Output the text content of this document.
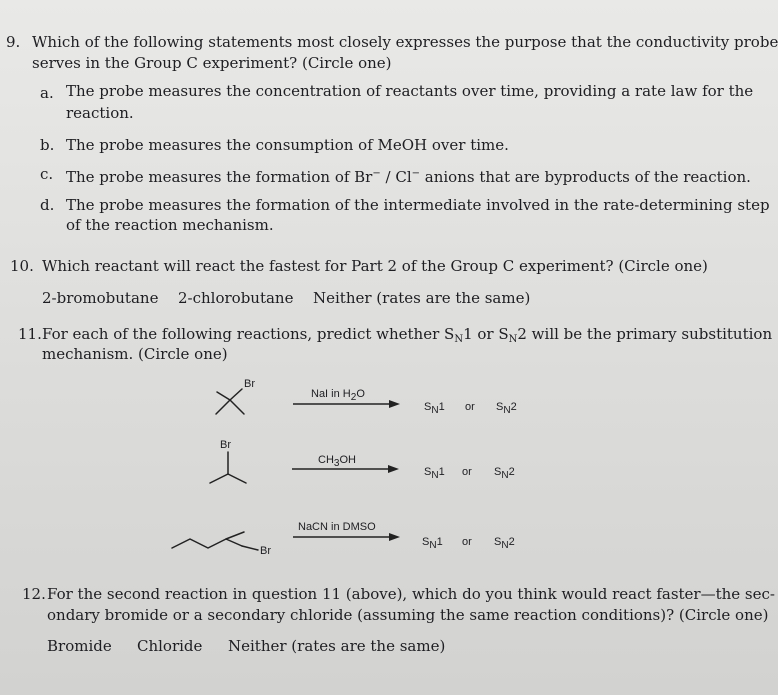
9. Which of the following statements most closely expresses the purpose that the conductivity probe
serves in the Group C experiment? (Circle one)
a. The probe measures the concentration of reactants over time, providing a rate law for the
reaction.
b. The probe measures the consumption of MeOH over time.
c. The probe measures the formation of Br− / Cl− anions that are byproducts of the reaction.
d. The probe measures the formation of the intermediate involved in the rate-determining step
of the reaction mechanism.
10. Which reactant will react the fastest for Part 2 of the Group C experiment? (Circle one)
2-bromobutane 2-chlorobutane Neither (rates are the same)
11. For each of the following reactions, predict whether $S_N1$ or $S_N2$ will be the primary substitution
mechanism. (Circle one)
Br
NaI in H2O
SN1 or SN2
Br
CH3OH
SN1 or SN2
Br
NaCN in DMSO
SN1 or SN2
12. For the second reaction in question 11 (above), which do you think would react faster—the sec-
ondary bromide or a secondary chloride (assuming the same reaction conditions)? (Circle one)
Bromide Chloride Neither (rates are the same)
